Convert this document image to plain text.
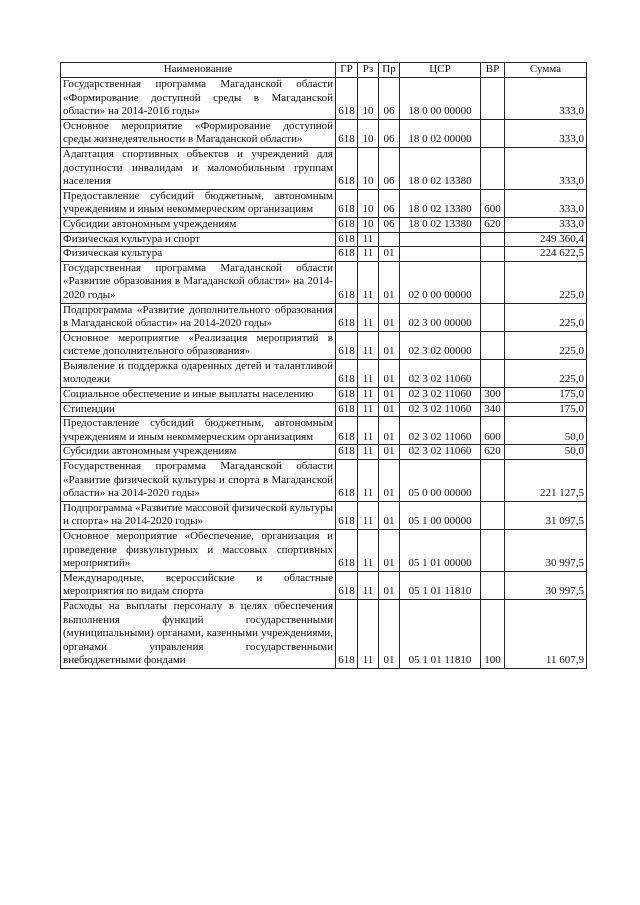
Наименование	ГР	Рз	Пр	ЦСР	ВР	Сумма
Государственная программа Магаданской области «Формирование доступной среды в Магаданской области» на 2014-2016 годы»	618	10	06	18 0 00 00000		333,0
Основное мероприятие «Формирование доступной среды жизнедеятельности в Магаданской области»	618	10	06	18 0 02 00000		333,0
Адаптация спортивных объектов и учреждений для доступности инвалидам и маломобильным группам населения	618	10	06	18 0 02 13380		333,0
Предоставление субсидий бюджетным, автономным учреждениям и иным некоммерческим организациям	618	10	06	18 0 02 13380	600	333,0
Субсидии автономным учреждениям	618	10	06	18 0 02 13380	620	333,0
Физическая культура и спорт	618	11				249 360,4
Физическая культура	618	11	01			224 622,5
Государственная программа Магаданской области «Развитие образования в Магаданской области» на 2014-2020 годы»	618	11	01	02 0 00 00000		225,0
Подпрограмма «Развитие дополнительного образования в Магаданской области» на 2014-2020 годы»	618	11	01	02 3 00 00000		225,0
Основное мероприятие «Реализация мероприятий в системе дополнительного образования»	618	11	01	02 3 02 00000		225,0
Выявление и поддержка одаренных детей и талантливой молодежи	618	11	01	02 3 02 11060		225,0
Социальное обеспечение и иные выплаты населению	618	11	01	02 3 02 11060	300	175,0
Стипендии	618	11	01	02 3 02 11060	340	175,0
Предоставление субсидий бюджетным, автономным учреждениям и иным некоммерческим организациям	618	11	01	02 3 02 11060	600	50,0
Субсидии автономным учреждениям	618	11	01	02 3 02 11060	620	50,0
Государственная программа Магаданской области «Развитие физической культуры и спорта в Магаданской области» на 2014-2020 годы»	618	11	01	05 0 00 00000		221 127,5
Подпрограмма «Развитие массовой физической культуры и спорта» на 2014-2020 годы»	618	11	01	05 1 00 00000		31 097,5
Основное мероприятие «Обеспечение, организация и проведение физкультурных и массовых спортивных мероприятий»	618	11	01	05 1 01 00000		30 997,5
Международные, всероссийские и областные мероприятия по видам спорта	618	11	01	05 1 01 11810		30 997,5
Расходы на выплаты персоналу в целях обеспечения выполнения функций государственными (муниципальными) органами, казенными учреждениями, органами управления государственными внебюджетными фондами	618	11	01	05 1 01 11810	100	11 607,9
